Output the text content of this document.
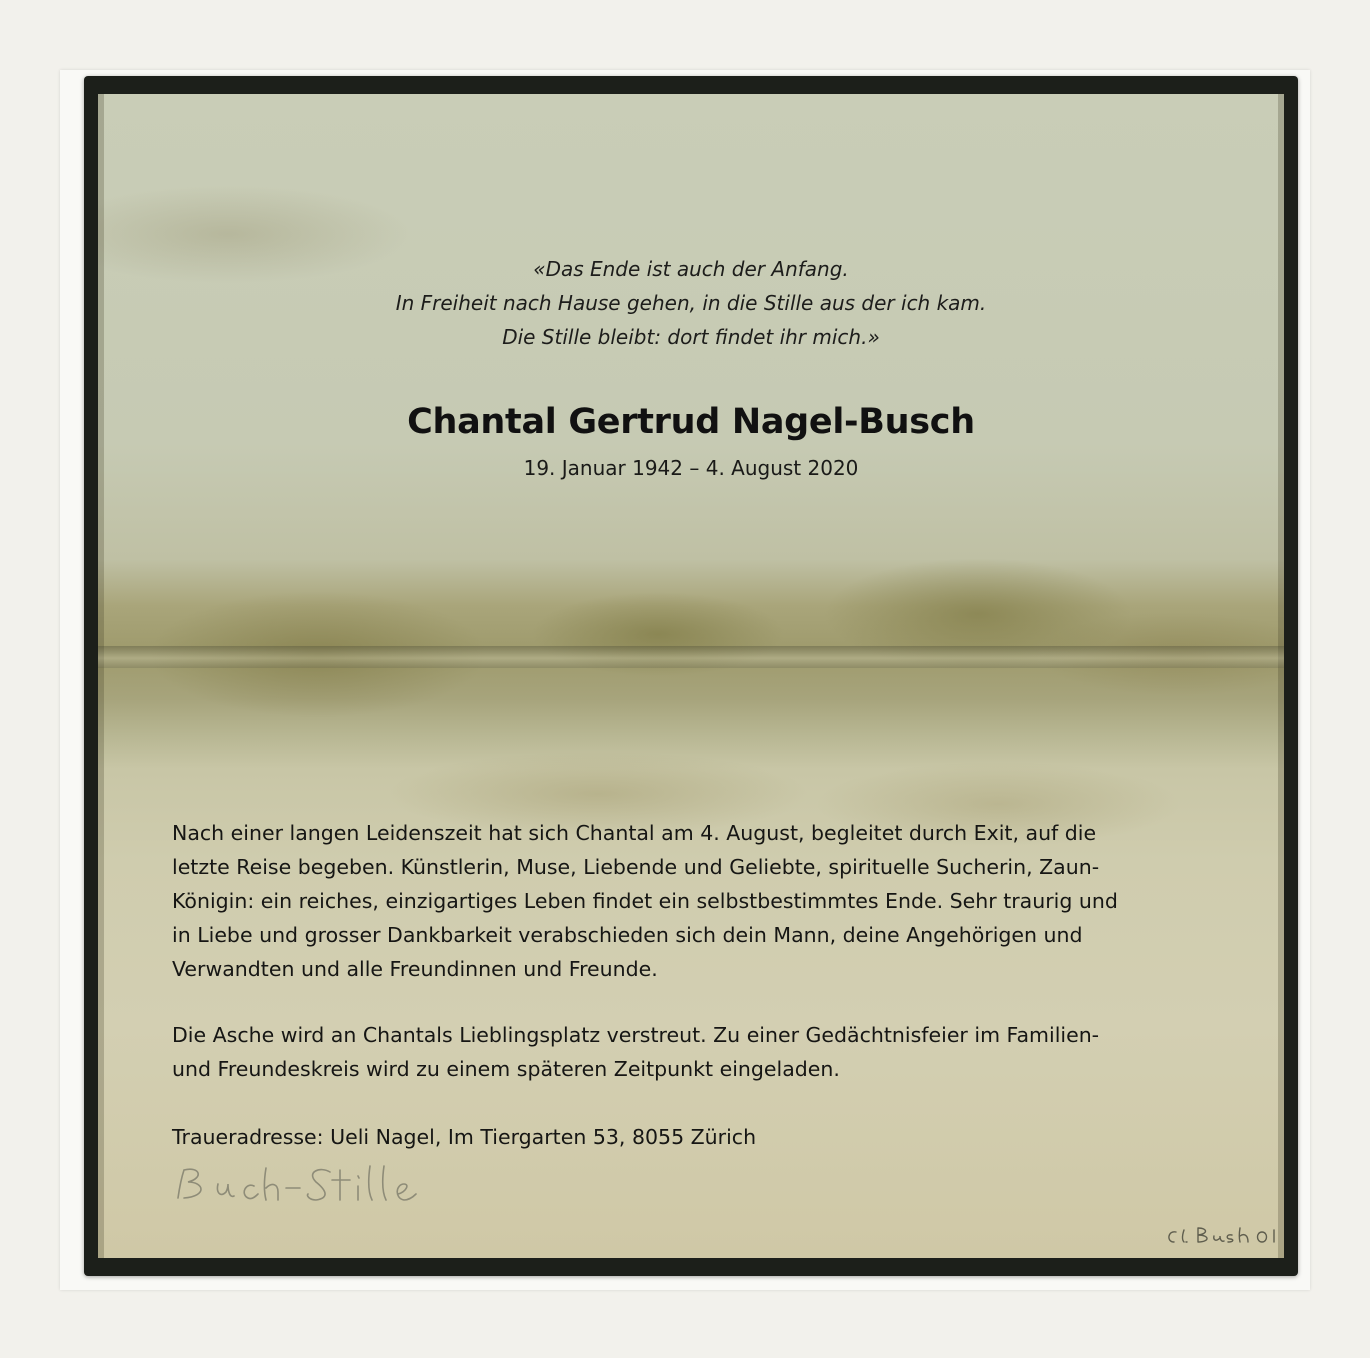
«Das Ende ist auch der Anfang.
In Freiheit nach Hause gehen, in die Stille aus der ich kam.
Die Stille bleibt: dort findet ihr mich.»
Chantal Gertrud Nagel-Busch
19. Januar 1942 – 4. August 2020
Nach einer langen Leidenszeit hat sich Chantal am 4. August, begleitet durch Exit, auf die
letzte Reise begeben. Künstlerin, Muse, Liebende und Geliebte, spirituelle Sucherin, Zaun-
Königin: ein reiches, einzigartiges Leben findet ein selbstbestimmtes Ende. Sehr traurig und
in Liebe und grosser Dankbarkeit verabschieden sich dein Mann, deine Angehörigen und
Verwandten und alle Freundinnen und Freunde.
Die Asche wird an Chantals Lieblingsplatz verstreut. Zu einer Gedächtnisfeier im Familien-
und Freundeskreis wird zu einem späteren Zeitpunkt eingeladen.
Traueradresse: Ueli Nagel, Im Tiergarten 53, 8055 Zürich
